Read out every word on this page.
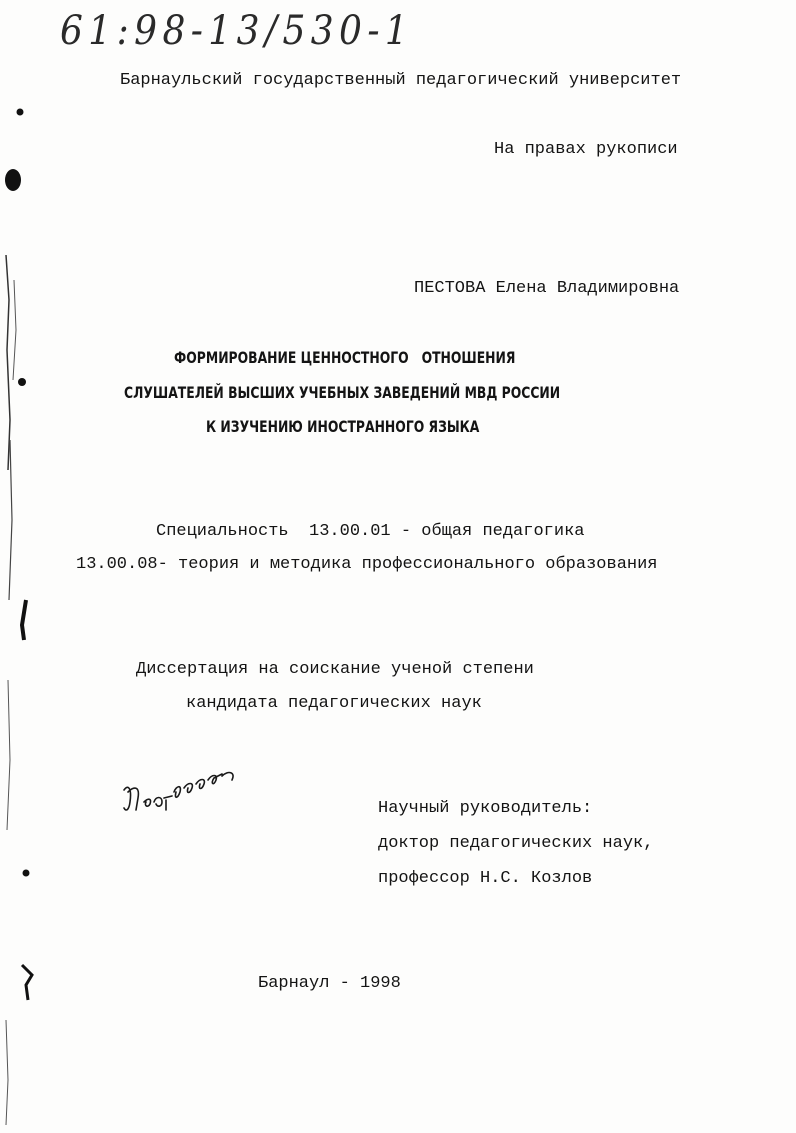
61:98-13/530-1
Барнаульский государственный педагогический университет
На правах рукописи
ПЕСТОВА Елена Владимировна
ФОРМИРОВАНИЕ ЦЕННОСТНОГО   ОТНОШЕНИЯ
СЛУШАТЕЛЕЙ ВЫСШИХ УЧЕБНЫХ ЗАВЕДЕНИЙ МВД РОССИИ
К ИЗУЧЕНИЮ ИНОСТРАННОГО ЯЗЫКА
Специальность  13.00.01 - общая педагогика
13.00.08- теория и методика профессионального образования
Диссертация на соискание ученой степени
кандидата педагогических наук
Научный руководитель:
доктор педагогических наук,
профессор Н.С. Козлов
Барнаул - 1998
